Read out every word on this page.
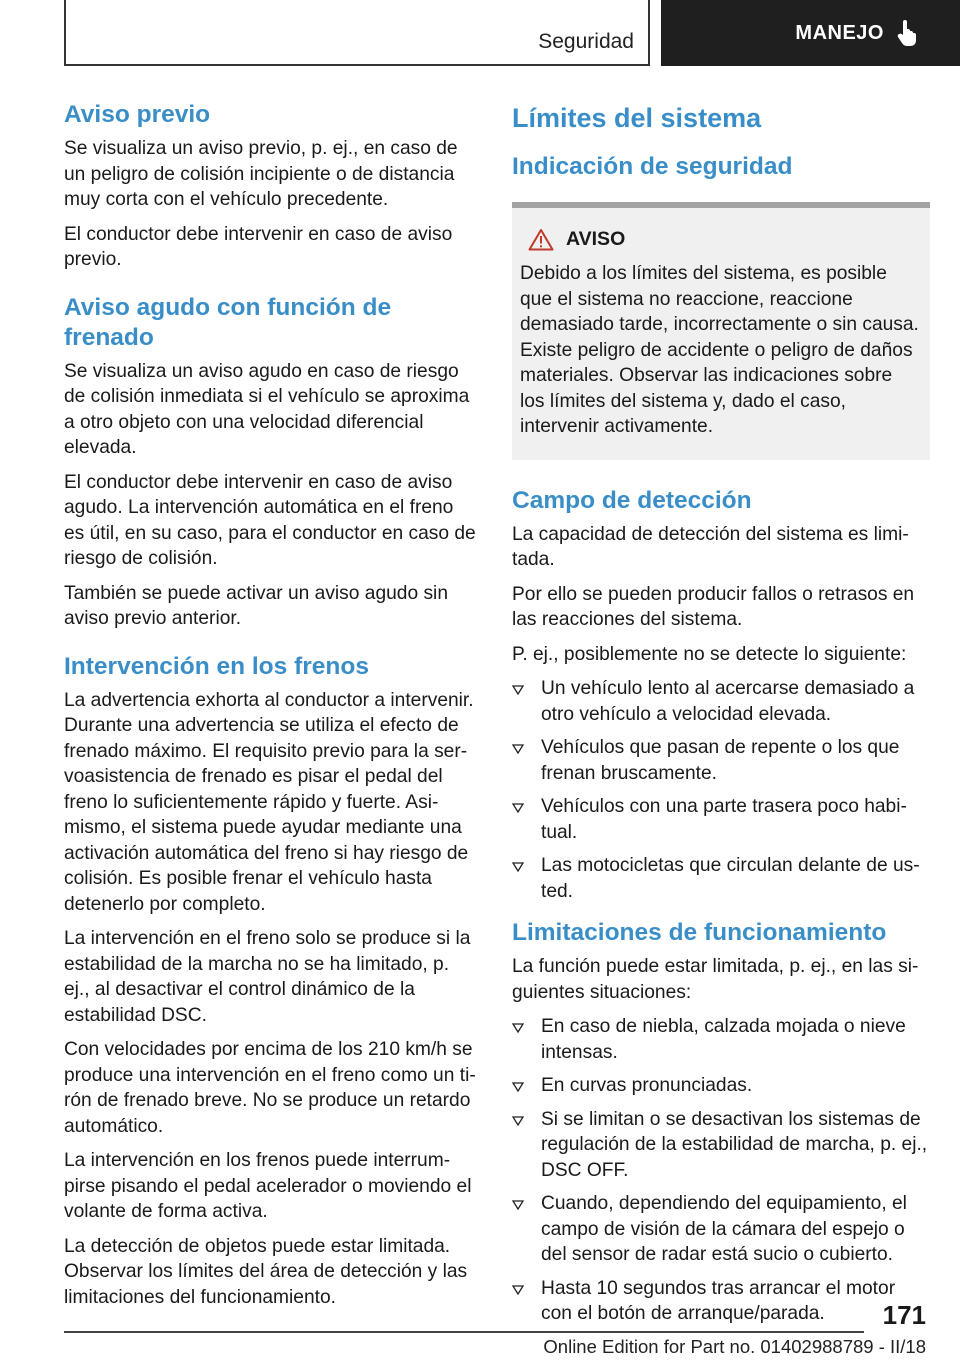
Seguridad	MANEJO
Aviso previo

Se visualiza un aviso previo, p. ej., en caso de un peligro de colisión incipiente o de distancia muy corta con el vehículo precedente.

El conductor debe intervenir en caso de aviso previo.

Aviso agudo con función de frenado

Se visualiza un aviso agudo en caso de riesgo de colisión inmediata si el vehículo se aproxima a otro objeto con una velocidad diferencial elevada.

El conductor debe intervenir en caso de aviso agudo. La intervención automática en el freno es útil, en su caso, para el conductor en caso de riesgo de colisión.

También se puede activar un aviso agudo sin aviso previo anterior.

Intervención en los frenos

La advertencia exhorta al conductor a intervenir. Durante una advertencia se utiliza el efecto de frenado máximo. El requisito previo para la servoasistencia de frenado es pisar el pedal del freno lo suficientemente rápido y fuerte. Asimismo, el sistema puede ayudar mediante una activación automática del freno si hay riesgo de colisión. Es posible frenar el vehículo hasta detenerlo por completo.

La intervención en el freno solo se produce si la estabilidad de la marcha no se ha limitado, p. ej., al desactivar el control dinámico de la estabilidad DSC.

Con velocidades por encima de los 210 km/h se produce una intervención en el freno como un tirón de frenado breve. No se produce un retardo automático.

La intervención en los frenos puede interrumpirse pisando el pedal acelerador o moviendo el volante de forma activa.

La detección de objetos puede estar limitada. Observar los límites del área de detección y las limitaciones del funcionamiento.

Límites del sistema
Indicación de seguridad
AVISO

Debido a los límites del sistema, es posible que el sistema no reaccione, reaccione demasiado tarde, incorrectamente o sin causa. Existe peligro de accidente o peligro de daños materiales. Observar las indicaciones sobre los límites del sistema y, dado el caso, intervenir activamente.

Campo de detección

La capacidad de detección del sistema es limitada.

Por ello se pueden producir fallos o retrasos en las reacciones del sistema.

P. ej., posiblemente no se detecte lo siguiente:

Un vehículo lento al acercarse demasiado a otro vehículo a velocidad elevada.
Vehículos que pasan de repente o los que frenan bruscamente.
Vehículos con una parte trasera poco habitual.
Las motocicletas que circulan delante de usted.
Limitaciones de funcionamiento

La función puede estar limitada, p. ej., en las siguientes situaciones:

En caso de niebla, calzada mojada o nieve intensas.
En curvas pronunciadas.
Si se limitan o se desactivan los sistemas de regulación de la estabilidad de marcha, p. ej., DSC OFF.
Cuando, dependiendo del equipamiento, el campo de visión de la cámara del espejo o del sensor de radar está sucio o cubierto.
Hasta 10 segundos tras arrancar el motor con el botón de arranque/parada.	171
Online Edition for Part no. 01402988789 - II/18
